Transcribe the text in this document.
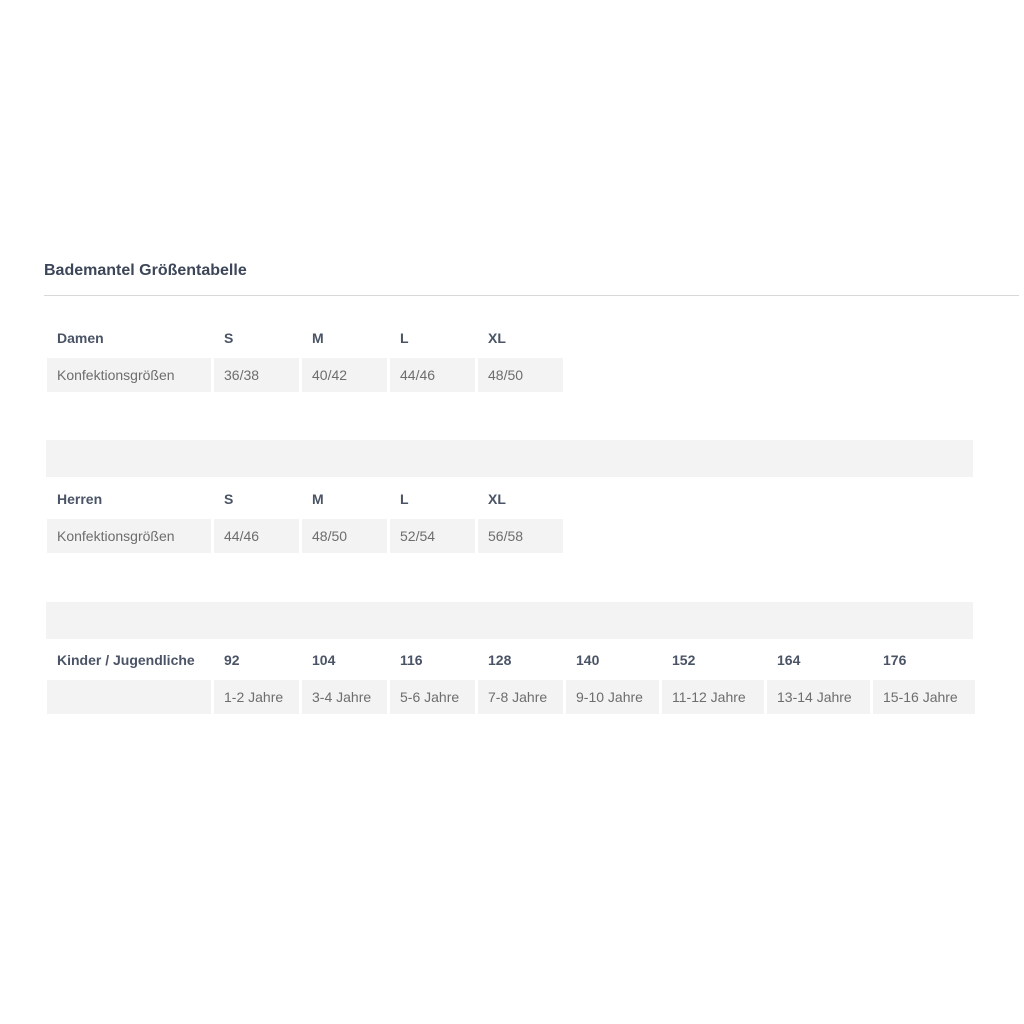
Bademantel Größentabelle
Damen	S	M	L	XL
Konfektionsgrößen	36/38	40/42	44/46	48/50
Herren	S	M	L	XL
Konfektionsgrößen	44/46	48/50	52/54	56/58
Kinder / Jugendliche	92	104	116	128	140	152	164	176
	1-2 Jahre	3-4 Jahre	5-6 Jahre	7-8 Jahre	9-10 Jahre	11-12 Jahre	13-14 Jahre	15-16 Jahre
